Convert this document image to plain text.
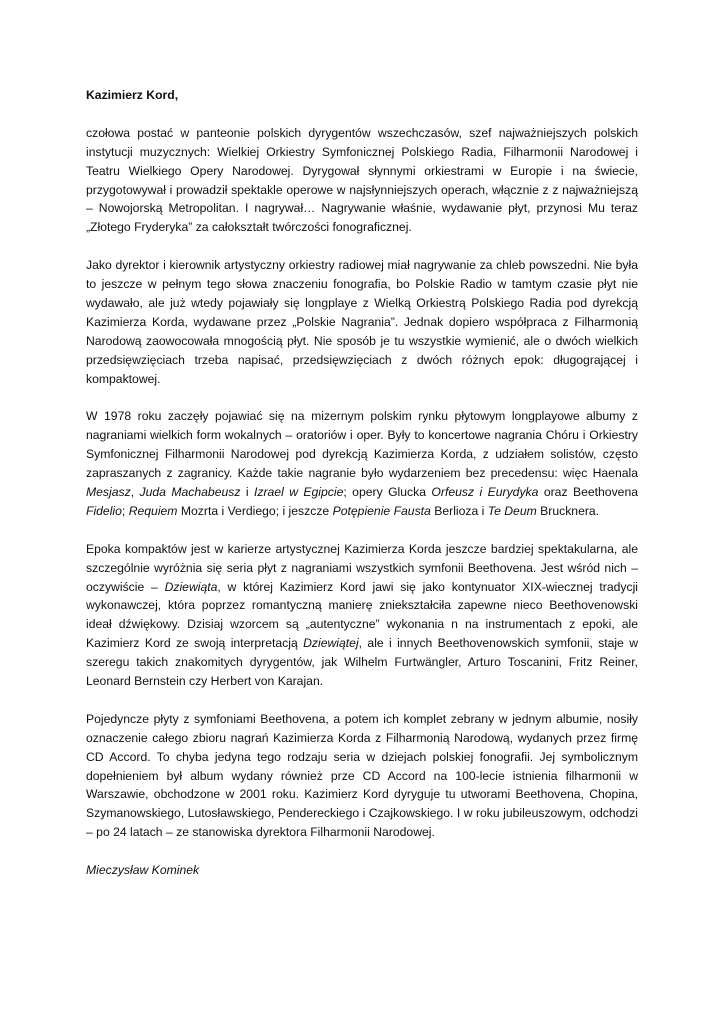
Kazimierz Kord,

czołowa postać w panteonie polskich dyrygentów wszechczasów, szef najważniejszych polskich instytucji muzycznych: Wielkiej Orkiestry Symfonicznej Polskiego Radia, Filharmonii Narodowej i Teatru Wielkiego Opery Narodowej. Dyrygował słynnymi orkiestrami w Europie i na świecie, przygotowywał i prowadził spektakle operowe w najsłynniejszych operach, włącznie z z najważniejszą – Nowojorską Metropolitan. I nagrywał… Nagrywanie właśnie, wydawanie płyt, przynosi Mu teraz „Złotego Fryderyka” za całokształt twórczości fonograficznej.

Jako dyrektor i kierownik artystyczny orkiestry radiowej miał nagrywanie za chleb powszedni. Nie była to jeszcze w pełnym tego słowa znaczeniu fonografia, bo Polskie Radio w tamtym czasie płyt nie wydawało, ale już wtedy pojawiały się longplaye z Wielką Orkiestrą Polskiego Radia pod dyrekcją Kazimierza Korda, wydawane przez „Polskie Nagrania”. Jednak dopiero współpraca z Filharmonią Narodową zaowocowała mnogością płyt. Nie sposób je tu wszystkie wymienić, ale o dwóch wielkich przedsięwzięciach trzeba napisać, przedsięwzięciach z dwóch różnych epok: długogrającej i kompaktowej.

W 1978 roku zaczęły pojawiać się na mizernym polskim rynku płytowym longplayowe albumy z nagraniami wielkich form wokalnych – oratoriów i oper. Były to koncertowe nagrania Chóru i Orkiestry Symfonicznej Filharmonii Narodowej pod dyrekcją Kazimierza Korda, z udziałem solistów, często zapraszanych z zagranicy. Każde takie nagranie było wydarzeniem bez precedensu: więc Haenala Mesjasz, Juda Machabeusz i Izrael w Egipcie; opery Glucka Orfeusz i Eurydyka oraz Beethovena Fidelio; Requiem Mozrta i Verdiego; i jeszcze Potępienie Fausta Berlioza i Te Deum Brucknera.

Epoka kompaktów jest w karierze artystycznej Kazimierza Korda jeszcze bardziej spektakularna, ale szczególnie wyróżnia się seria płyt z nagraniami wszystkich symfonii Beethovena. Jest wśród nich – oczywiście – Dziewiąta, w której Kazimierz Kord jawi się jako kontynuator XIX-wiecznej tradycji wykonawczej, która poprzez romantyczną manierę zniekształciła zapewne nieco Beethovenowski ideał dźwiękowy. Dzisiaj wzorcem są „autentyczne” wykonania n na instrumentach z epoki, ale Kazimierz Kord ze swoją interpretacją Dziewiątej, ale i innych Beethovenowskich symfonii, staje w szeregu takich znakomitych dyrygentów, jak Wilhelm Furtwängler, Arturo Toscanini, Fritz Reiner, Leonard Bernstein czy Herbert von Karajan.

Pojedyncze płyty z symfoniami Beethovena, a potem ich komplet zebrany w jednym albumie, nosiły oznaczenie całego zbioru nagrań Kazimierza Korda z Filharmonią Narodową, wydanych przez firmę CD Accord. To chyba jedyna tego rodzaju seria w dziejach polskiej fonografii. Jej symbolicznym dopełnieniem był album wydany również prze CD Accord na 100-lecie istnienia filharmonii w Warszawie, obchodzone w 2001 roku. Kazimierz Kord dyryguje tu utworami Beethovena, Chopina, Szymanowskiego, Lutosławskiego, Pendereckiego i Czajkowskiego. I w roku jubileuszowym, odchodzi – po 24 latach – ze stanowiska dyrektora Filharmonii Narodowej.

Mieczysław Kominek
